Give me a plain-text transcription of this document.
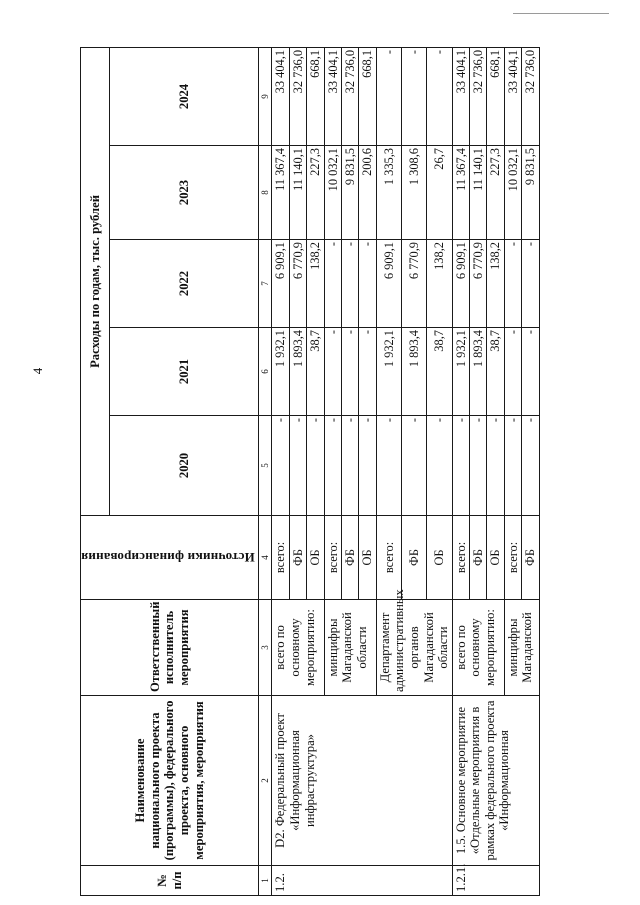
4
№ п/п	Наименование национального проекта (программы), федерального проекта, основного мероприятия, мероприятия	Ответственный исполнитель мероприятия	Источники финансирования	Расходы по годам, тыс. рублей				
				2020	2021	2022	2023	2024
1	2	3	4	5	6	7	8	9
1.2.	D2. Федеральный проект «Информационная инфраструктура»	всего по основному мероприятию:	всего:	-	1 932,1	6 909,1	11 367,4	33 404,1
			ФБ	-	1 893,4	6 770,9	11 140,1	32 736,0
			ОБ	-	38,7	138,2	227,3	668,1
		минцифры Магаданской области	всего:	-	-	-	10 032,1	33 404,1
			ФБ	-	-	-	9 831,5	32 736,0
			ОБ	-	-	-	200,6	668,1
		Департамент административных органов Магаданской области	всего:	-	1 932,1	6 909,1	1 335,3	-
			ФБ	-	1 893,4	6 770,9	1 308,6	-
			ОБ	-	38,7	138,2	26,7	-
1.2.1.	1.5. Основное мероприятие «Отдельные мероприятия в рамках федерального проекта «Информационная	всего по основному мероприятию:	всего:	-	1 932,1	6 909,1	11 367,4	33 404,1
			ФБ	-	1 893,4	6 770,9	11 140,1	32 736,0
			ОБ	-	38,7	138,2	227,3	668,1
		минцифры Магаданской	всего:	-	-	-	10 032,1	33 404,1
			ФБ	-	-	-	9 831,5	32 736,0
